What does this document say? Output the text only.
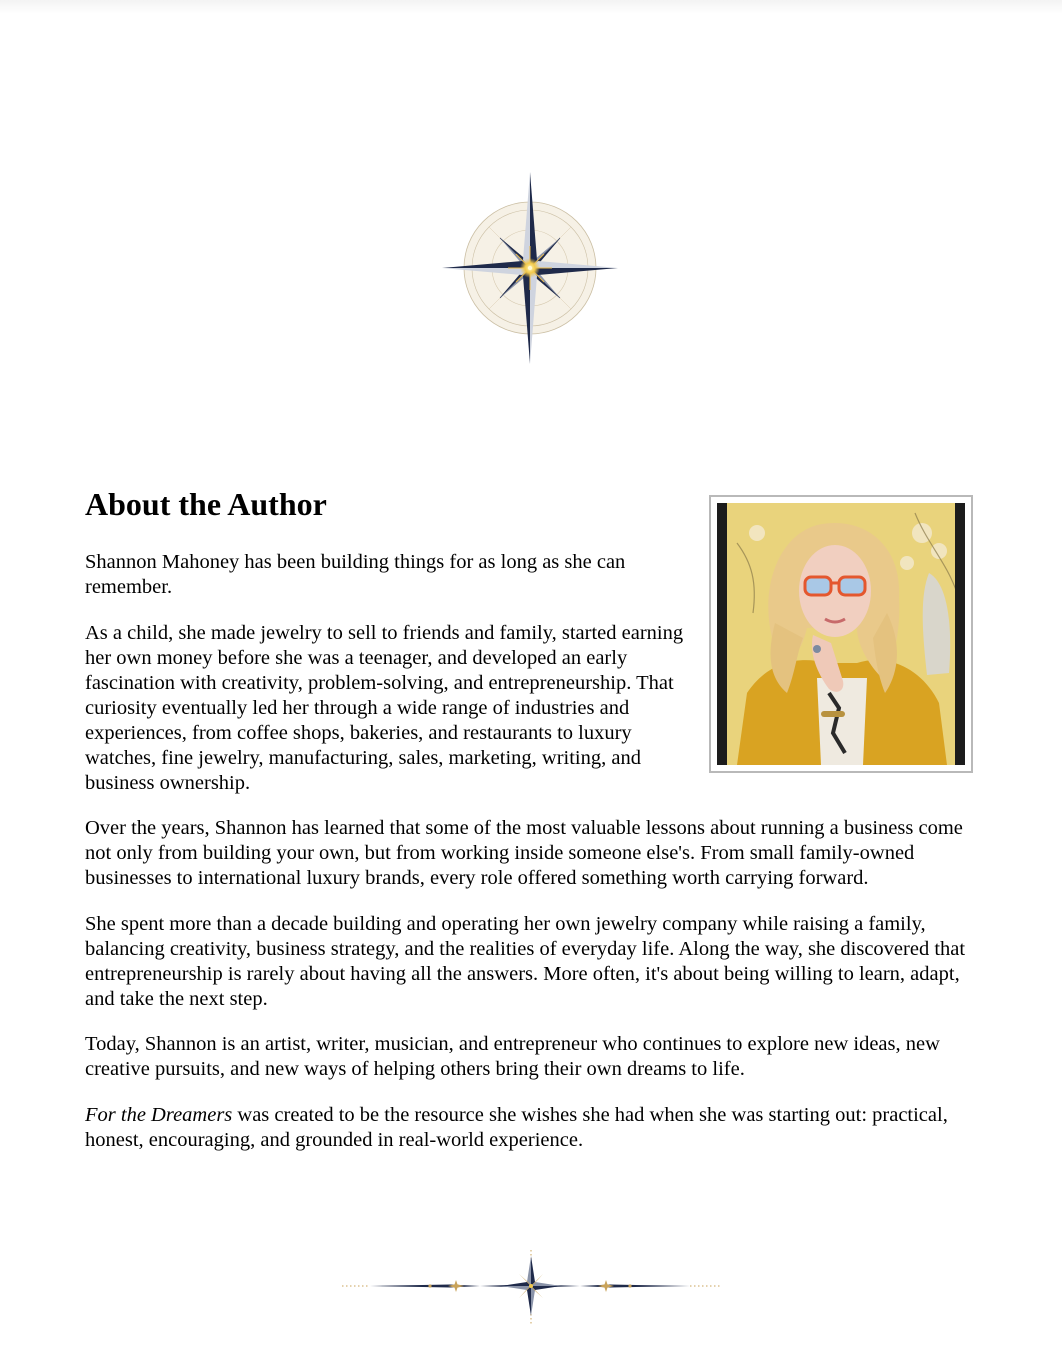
About the Author

Shannon Mahoney has been building things for as long as she can remember.

As a child, she made jewelry to sell to friends and family, started earning her own money before she was a teenager, and developed an early fascination with creativity, problem-solving, and entrepreneurship. That curiosity eventually led her through a wide range of industries and experiences, from coffee shops, bakeries, and restaurants to luxury watches, fine jewelry, manufacturing, sales, marketing, writing, and business ownership.

Over the years, Shannon has learned that some of the most valuable lessons about running a business come not only from building your own, but from working inside someone else's. From small family-owned businesses to international luxury brands, every role offered something worth carrying forward.

She spent more than a decade building and operating her own jewelry company while raising a family, balancing creativity, business strategy, and the realities of everyday life. Along the way, she discovered that entrepreneurship is rarely about having all the answers. More often, it's about being willing to learn, adapt, and take the next step.

Today, Shannon is an artist, writer, musician, and entrepreneur who continues to explore new ideas, new creative pursuits, and new ways of helping others bring their own dreams to life.

For the Dreamers was created to be the resource she wishes she had when she was starting out: practical, honest, encouraging, and grounded in real-world experience.
